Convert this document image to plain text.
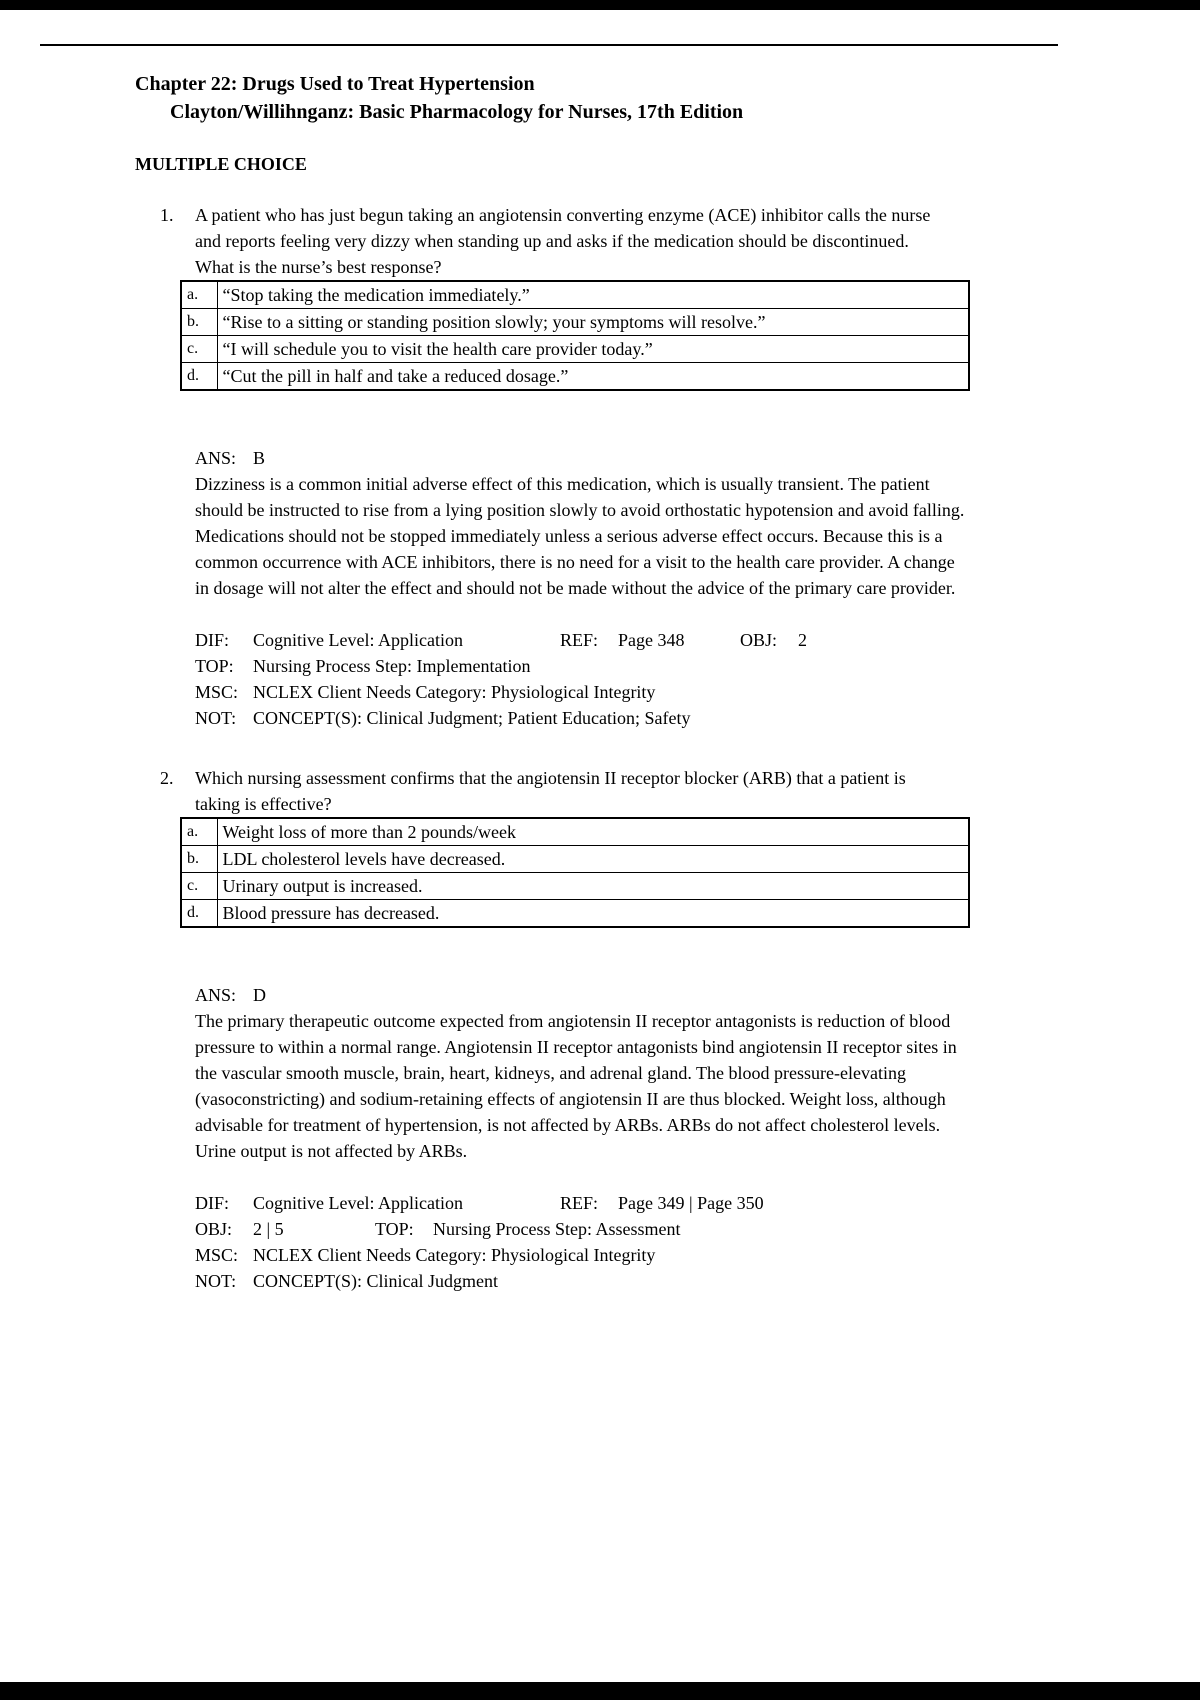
Chapter 22: Drugs Used to Treat Hypertension
Clayton/Willihnganz: Basic Pharmacology for Nurses, 17th Edition
MULTIPLE CHOICE
1.	A patient who has just begun taking an angiotensin converting enzyme (ACE) inhibitor calls the nurse and reports feeling very dizzy when standing up and asks if the medication should be discontinued. What is the nurse’s best response?
a.	“Stop taking the medication immediately.”
b.	“Rise to a sitting or standing position slowly; your symptoms will resolve.”
c.	“I will schedule you to visit the health care provider today.”
d.	“Cut the pill in half and take a reduced dosage.”
ANS: B
Dizziness is a common initial adverse effect of this medication, which is usually transient. The patient should be instructed to rise from a lying position slowly to avoid orthostatic hypotension and avoid falling. Medications should not be stopped immediately unless a serious adverse effect occurs. Because this is a common occurrence with ACE inhibitors, there is no need for a visit to the health care provider. A change in dosage will not alter the effect and should not be made without the advice of the primary care provider.
DIF: Cognitive Level: Application	REF: Page 348	OBJ: 2
TOP: Nursing Process Step: Implementation
MSC: NCLEX Client Needs Category: Physiological Integrity
NOT: CONCEPT(S): Clinical Judgment; Patient Education; Safety
2.	Which nursing assessment confirms that the angiotensin II receptor blocker (ARB) that a patient is taking is effective?
a.	Weight loss of more than 2 pounds/week
b.	LDL cholesterol levels have decreased.
c.	Urinary output is increased.
d.	Blood pressure has decreased.
ANS: D
The primary therapeutic outcome expected from angiotensin II receptor antagonists is reduction of blood pressure to within a normal range. Angiotensin II receptor antagonists bind angiotensin II receptor sites in the vascular smooth muscle, brain, heart, kidneys, and adrenal gland. The blood pressure-elevating (vasoconstricting) and sodium-retaining effects of angiotensin II are thus blocked. Weight loss, although advisable for treatment of hypertension, is not affected by ARBs. ARBs do not affect cholesterol levels. Urine output is not affected by ARBs.
DIF: Cognitive Level: Application	REF: Page 349 | Page 350
OBJ: 2 | 5	TOP: Nursing Process Step: Assessment
MSC: NCLEX Client Needs Category: Physiological Integrity
NOT: CONCEPT(S): Clinical Judgment
